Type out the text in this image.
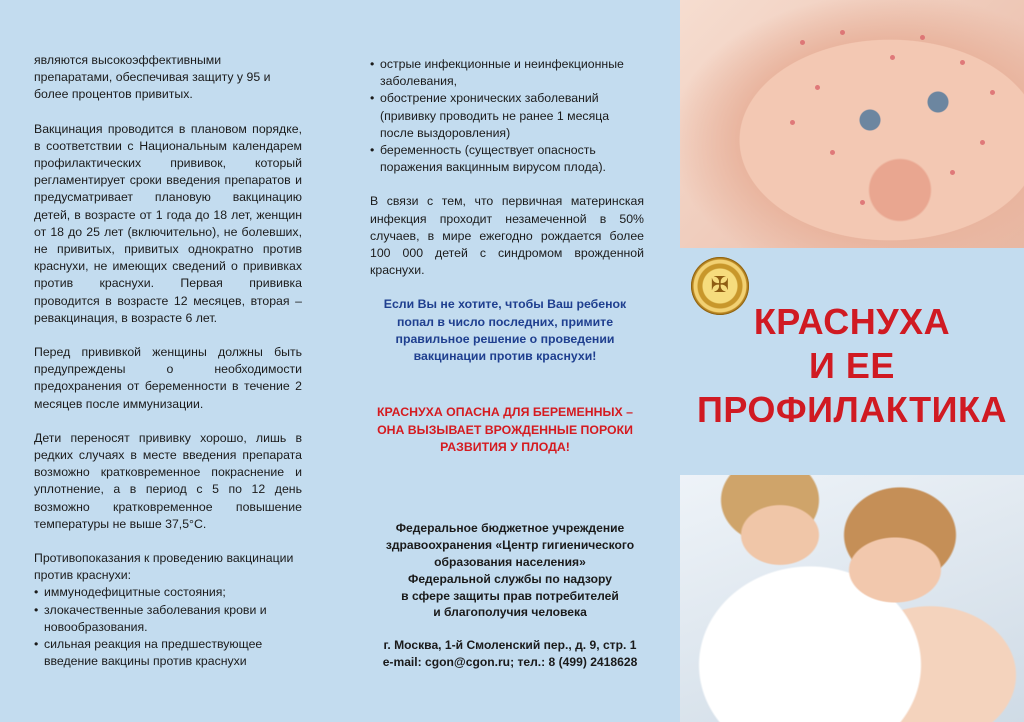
являются высокоэффективными препаратами, обеспечивая защиту у 95 и более процентов привитых.

Вакцинация проводится в плановом порядке, в соответствии с Национальным календарем профилактических прививок, который регламентирует сроки введения препаратов и предусматривает плановую вакцинацию детей, в возрасте от 1 года до 18 лет, женщин от 18 до 25 лет (включительно), не болевших, не привитых, привитых однократно против краснухи, не имеющих сведений о прививках против краснухи. Первая прививка проводится в возрасте 12 месяцев, вторая – ревакцинация, в возрасте 6 лет.

Перед прививкой женщины должны быть предупреждены о необходимости предохранения от беременности в течение 2 месяцев после иммунизации.

Дети переносят прививку хорошо, лишь в редких случаях в месте введения препарата возможно кратковременное покраснение и уплотнение, а в период с 5 по 12 день возможно кратковременное повышение температуры не выше 37,5°С.

Противопоказания к проведению вакцинации против краснухи:

• иммунодефицитные состояния;
• злокачественные заболевания крови и новообразования.
• сильная реакция на предшествующее введение вакцины против краснухи
• острые инфекционные и неинфекционные заболевания,
• обострение хронических заболеваний (прививку проводить не ранее 1 месяца после выздоровления)
• беременность (существует опасность поражения вакцинным вирусом плода).

В связи с тем, что первичная материнская инфекция проходит незамеченной в 50% случаев, в мире ежегодно рождается более 100 000 детей с синдромом врожденной краснухи.

Если Вы не хотите, чтобы Ваш ребенок попал в число последних, примите правильное решение о проведении вакцинации против краснухи!

КРАСНУХА ОПАСНА ДЛЯ БЕРЕМЕННЫХ – ОНА ВЫЗЫВАЕТ ВРОЖДЕННЫЕ ПОРОКИ РАЗВИТИЯ У ПЛОДА!

Федеральное бюджетное учреждение
здравоохранения «Центр гигиенического
образования населения»
Федеральной службы по надзору
в сфере защиты прав потребителей
и благополучия человека
г. Москва, 1-й Смоленский пер., д. 9, стр. 1
e-mail: cgon@cgon.ru; тел.: 8 (499) 2418628
✠
КРАСНУХА
И ЕЕ
ПРОФИЛАКТИКА
